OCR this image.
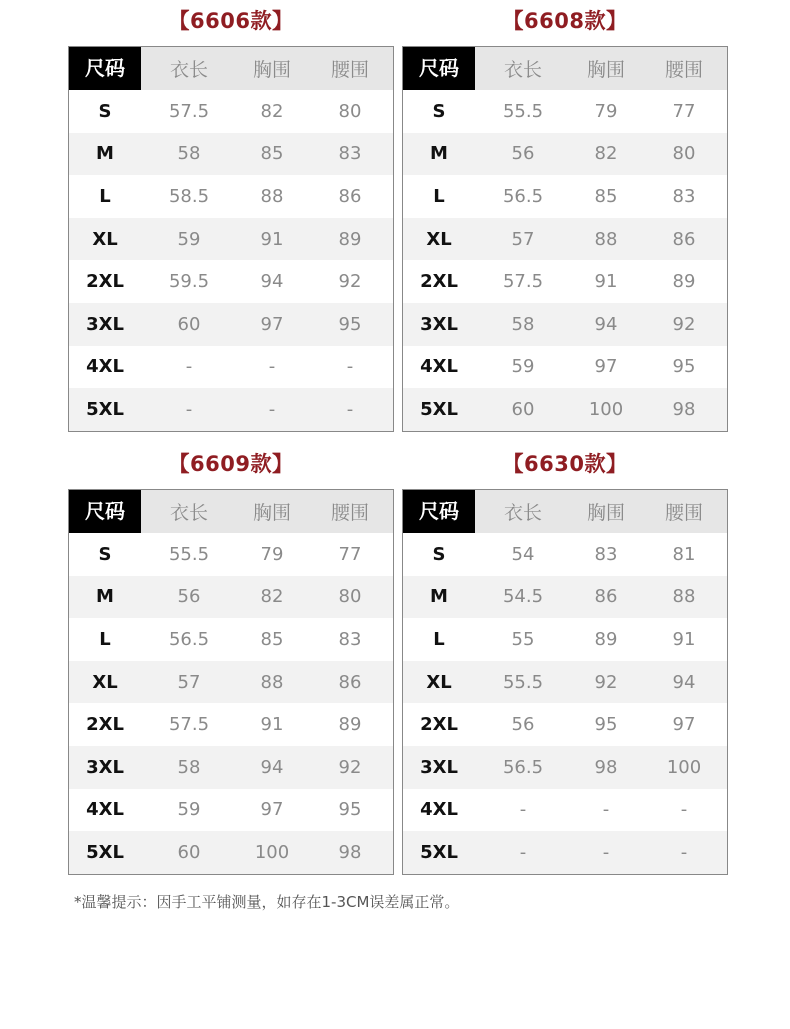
【6606款】
尺码	衣长	胸围	腰围
S	57.5	82	80
M	58	85	83
L	58.5	88	86
XL	59	91	89
2XL	59.5	94	92
3XL	60	97	95
4XL	-	-	-
5XL	-	-	-
【6608款】
尺码	衣长	胸围	腰围
S	55.5	79	77
M	56	82	80
L	56.5	85	83
XL	57	88	86
2XL	57.5	91	89
3XL	58	94	92
4XL	59	97	95
5XL	60	100	98
【6609款】
尺码	衣长	胸围	腰围
S	55.5	79	77
M	56	82	80
L	56.5	85	83
XL	57	88	86
2XL	57.5	91	89
3XL	58	94	92
4XL	59	97	95
5XL	60	100	98
【6630款】
尺码	衣长	胸围	腰围
S	54	83	81
M	54.5	86	88
L	55	89	91
XL	55.5	92	94
2XL	56	95	97
3XL	56.5	98	100
4XL	-	-	-
5XL	-	-	-
*温馨提示：因手工平铺测量，如存在1-3CM误差属正常。
